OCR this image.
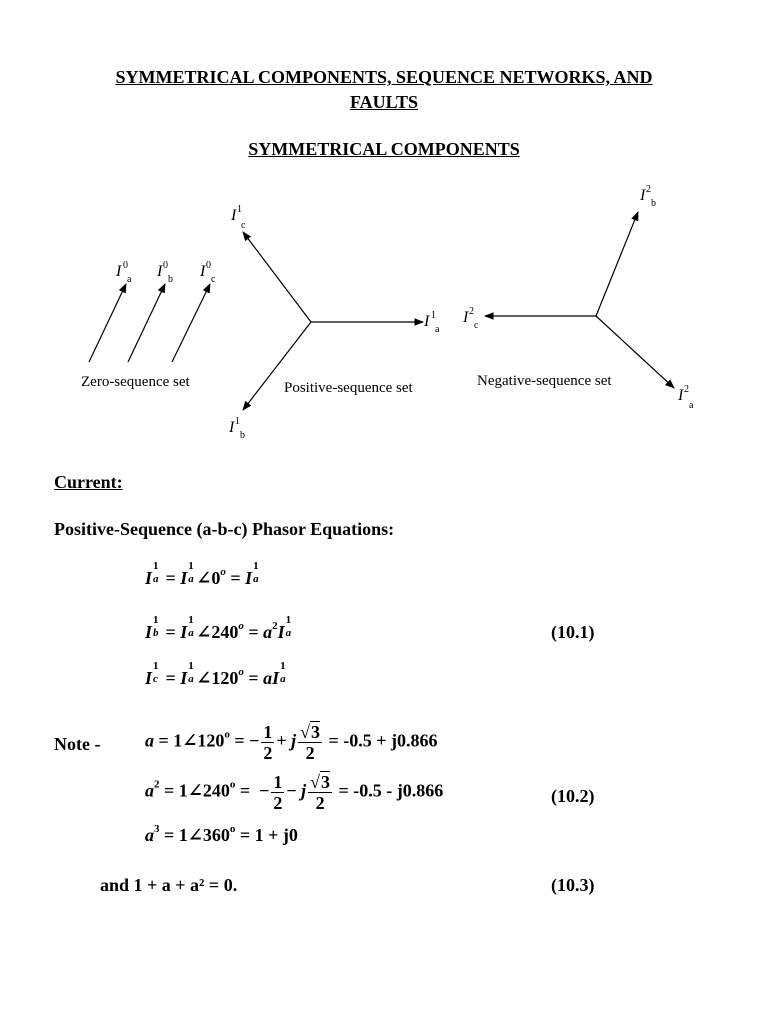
SYMMETRICAL COMPONENTS, SEQUENCE NETWORKS, AND
FAULTS
SYMMETRICAL COMPONENTS
I 0
a I 0
b I 0
c
I 1
c
I 1
a
I 1
b
I 2
b
I 2
c
I 2
a
Zero-sequence set	Positive-sequence set	Negative-sequence set
Current:
Positive-Sequence (a-b-c) Phasor Equations:
I
1
a = I
1
a $\angle 0^o = I$
1
a
I
1
b = I
1
a $\angle 240^o = a^2I$
1
a	(10.1)
I
1
c = I
1
a $\angle 120^o$ = aI
1
a
Note - $a = 1\angle 120^o$ = − $\frac{1}{2} + j \frac{√3}{2} = -0.5 + j0.866$
$a^2$ = $1\angle 240^o$ =  − $\frac{1}{2} - j \frac{√3}{2} = -0.5 - j0.866$	(10.2)
$a^3$ = $1\angle 360^o = 1 + j0$
and 1 + a + a² = 0.	(10.3)
